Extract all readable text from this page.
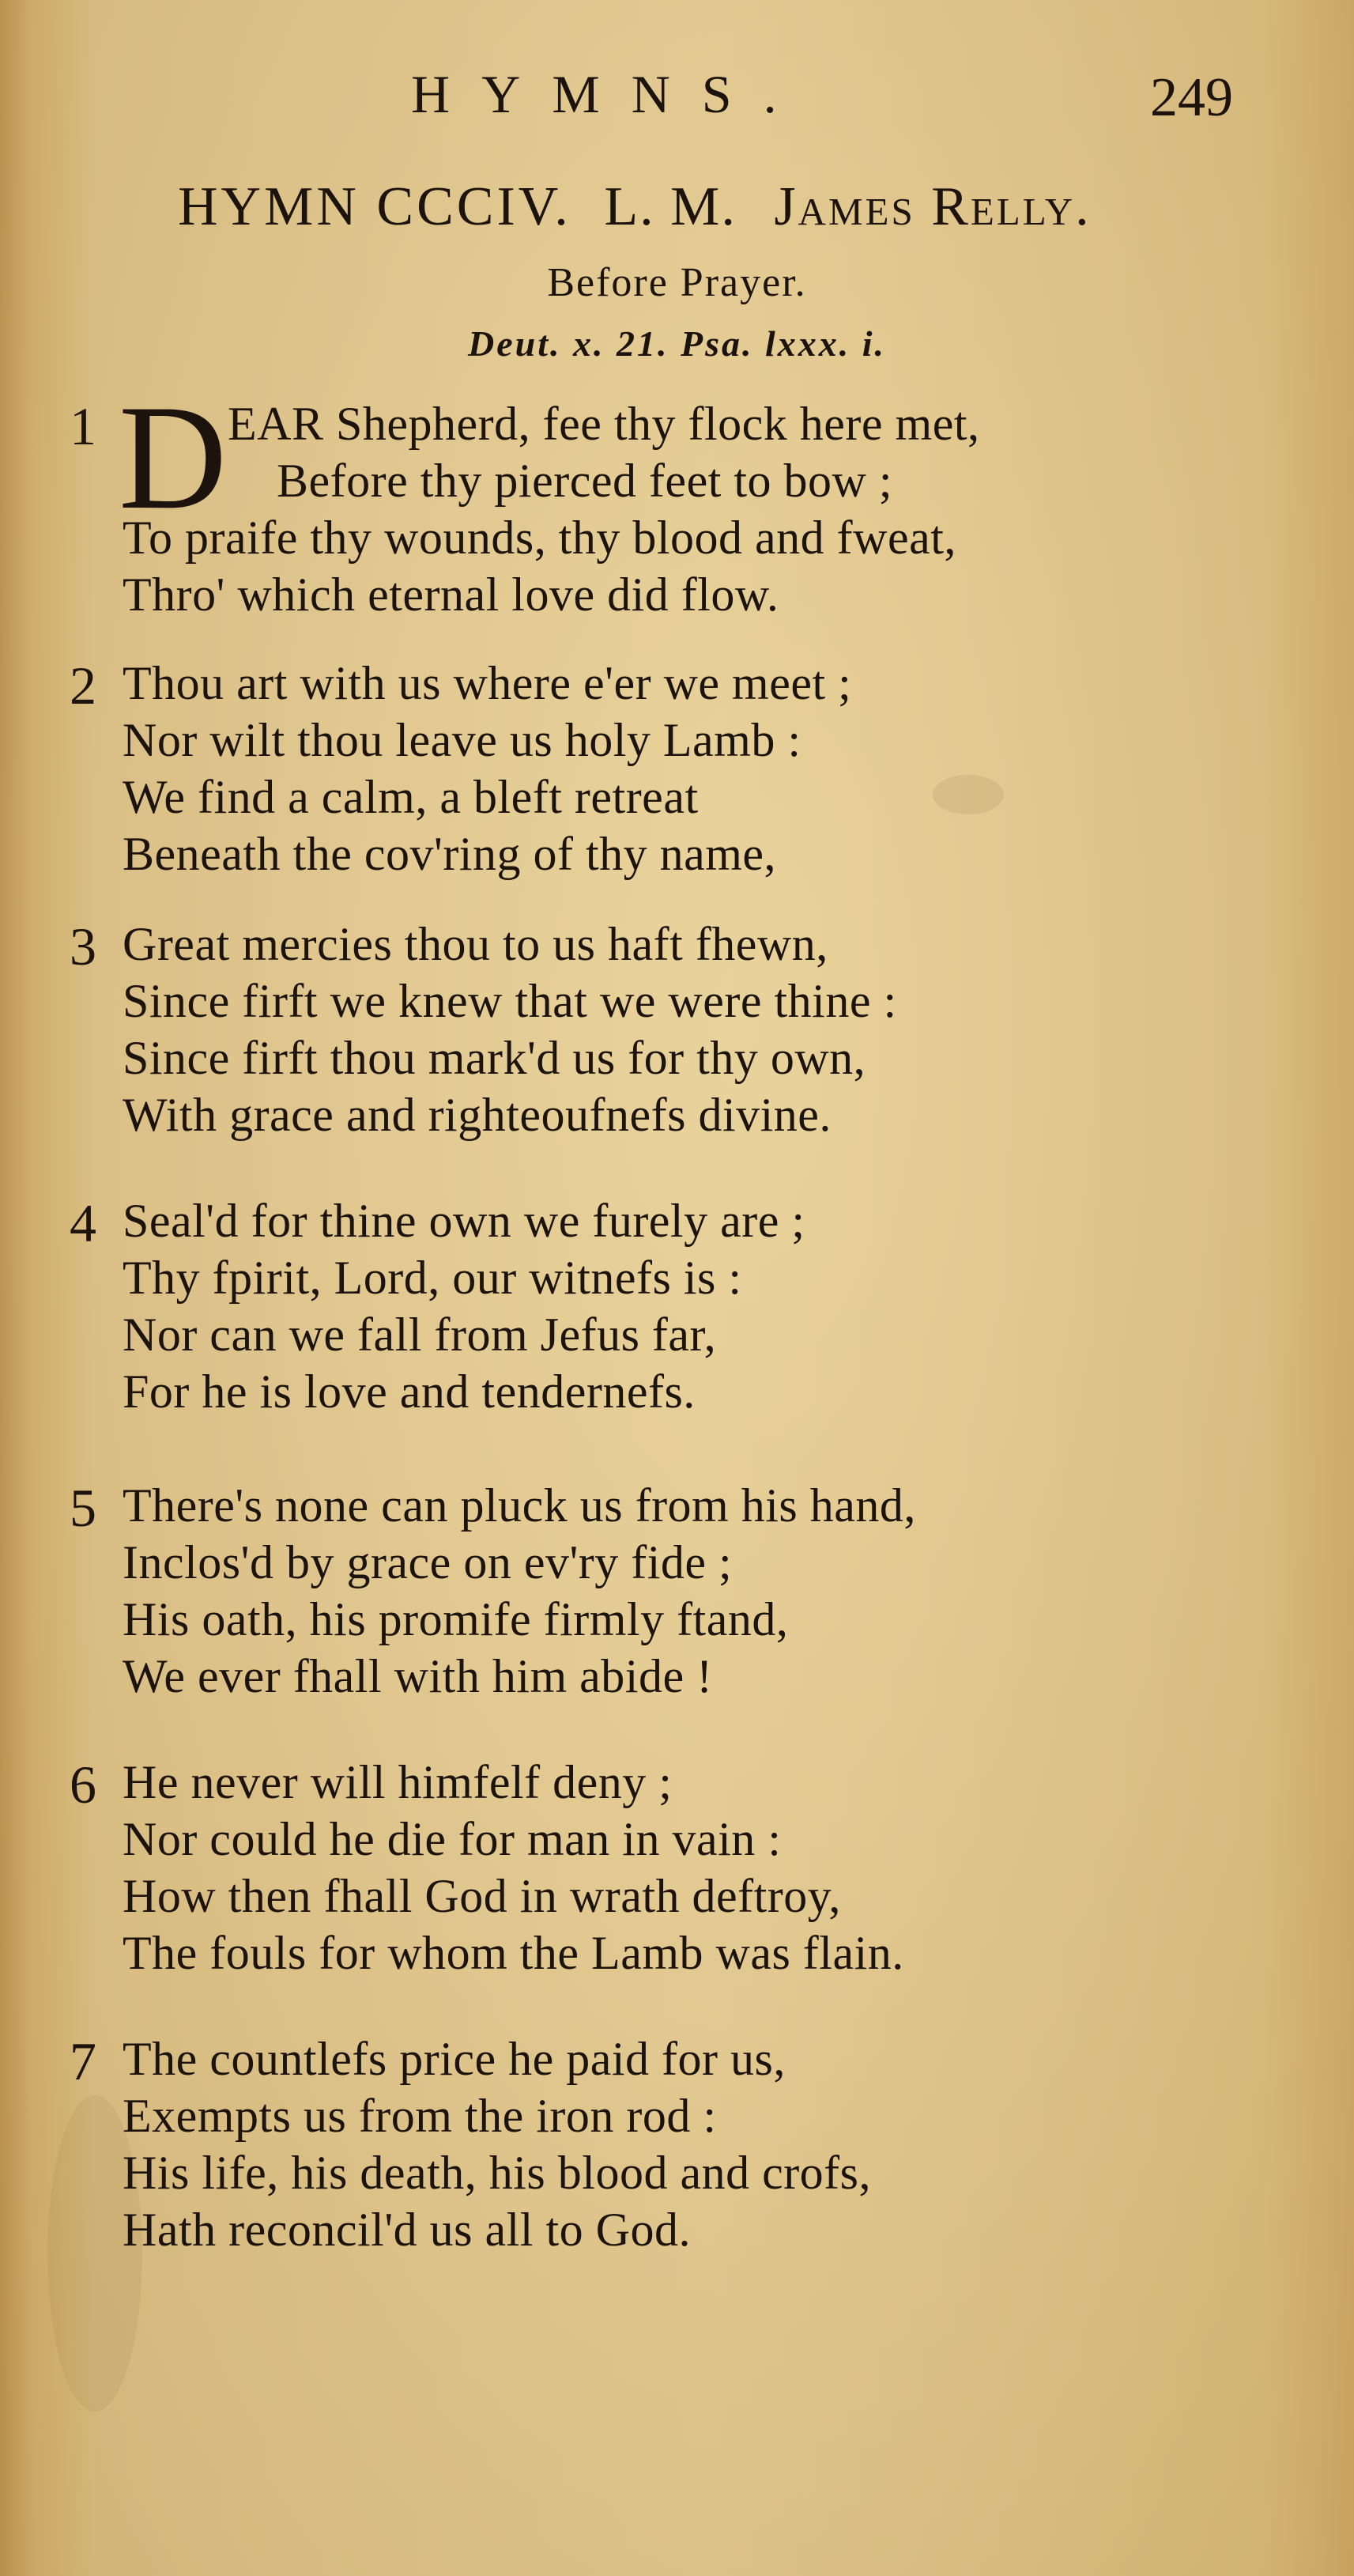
HYMNS.	249
HYMN CCCIV. L. M. James Relly.
Before Prayer.
Deut. x. 21. Psa. lxxx. i.
1 D EAR Shepherd, fee thy flock here met,
Before thy pierced feet to bow ;
To praife thy wounds, thy blood and fweat,
Thro' which eternal love did flow.
2 Thou art with us where e'er we meet ;
Nor wilt thou leave us holy Lamb :
We find a calm, a bleft retreat
Beneath the cov'ring of thy name,
3 Great mercies thou to us haft fhewn,
Since firft we knew that we were thine :
Since firft thou mark'd us for thy own,
With grace and righteoufnefs divine.
4 Seal'd for thine own we furely are ;
Thy fpirit, Lord, our witnefs is :
Nor can we fall from Jefus far,
For he is love and tendernefs.
5 There's none can pluck us from his hand,
Inclos'd by grace on ev'ry fide ;
His oath, his promife firmly ftand,
We ever fhall with him abide !
6 He never will himfelf deny ;
Nor could he die for man in vain :
How then fhall God in wrath deftroy,
The fouls for whom the Lamb was flain.
7 The countlefs price he paid for us,
Exempts us from the iron rod :
His life, his death, his blood and crofs,
Hath reconcil'd us all to God.
